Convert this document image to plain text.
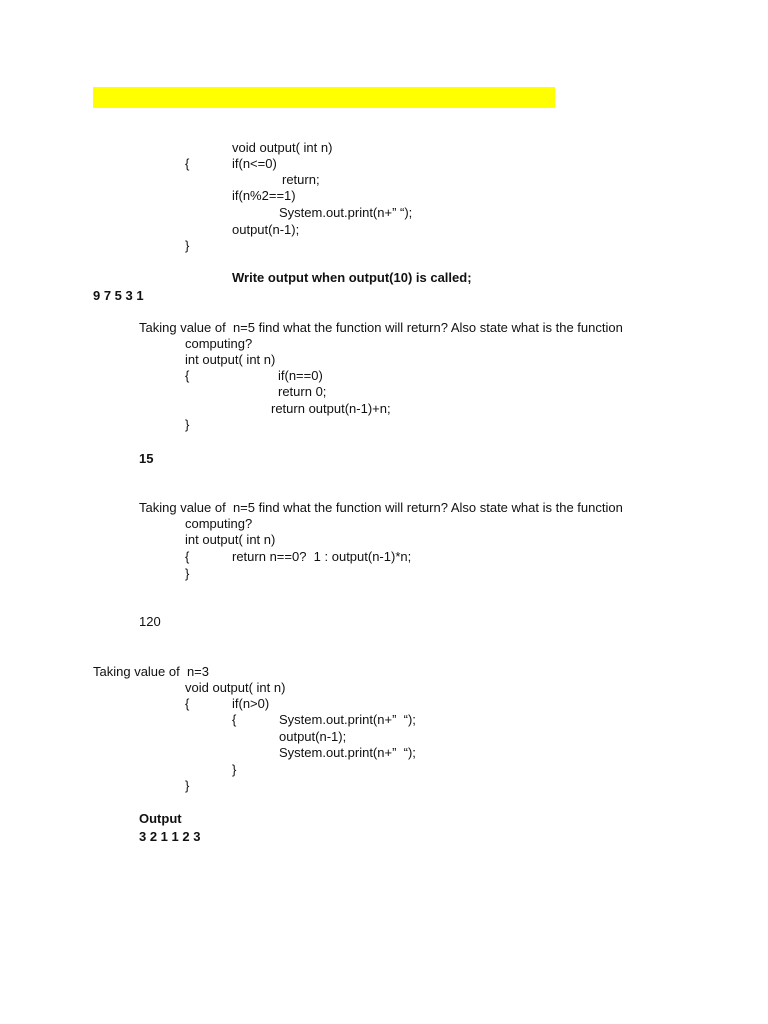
void output( int n)
{	if(n<=0)
return;
if(n%2==1)
System.out.print(n+” “);
output(n-1);
}
Write output when output(10) is called;
9 7 5 3 1
Taking value of  n=5 find what the function will return? Also state what is the function
computing?
int output( int n)
{	if(n==0)
return 0;
return output(n-1)+n;
}
15
Taking value of  n=5 find what the function will return? Also state what is the function
computing?
int output( int n)
{	return n==0?  1 : output(n-1)*n;
}
120
Taking value of  n=3
void output( int n)
{	if(n>0)
{	System.out.print(n+”  “);
output(n-1);
System.out.print(n+”  “);
}
}
Output
3 2 1 1 2 3
